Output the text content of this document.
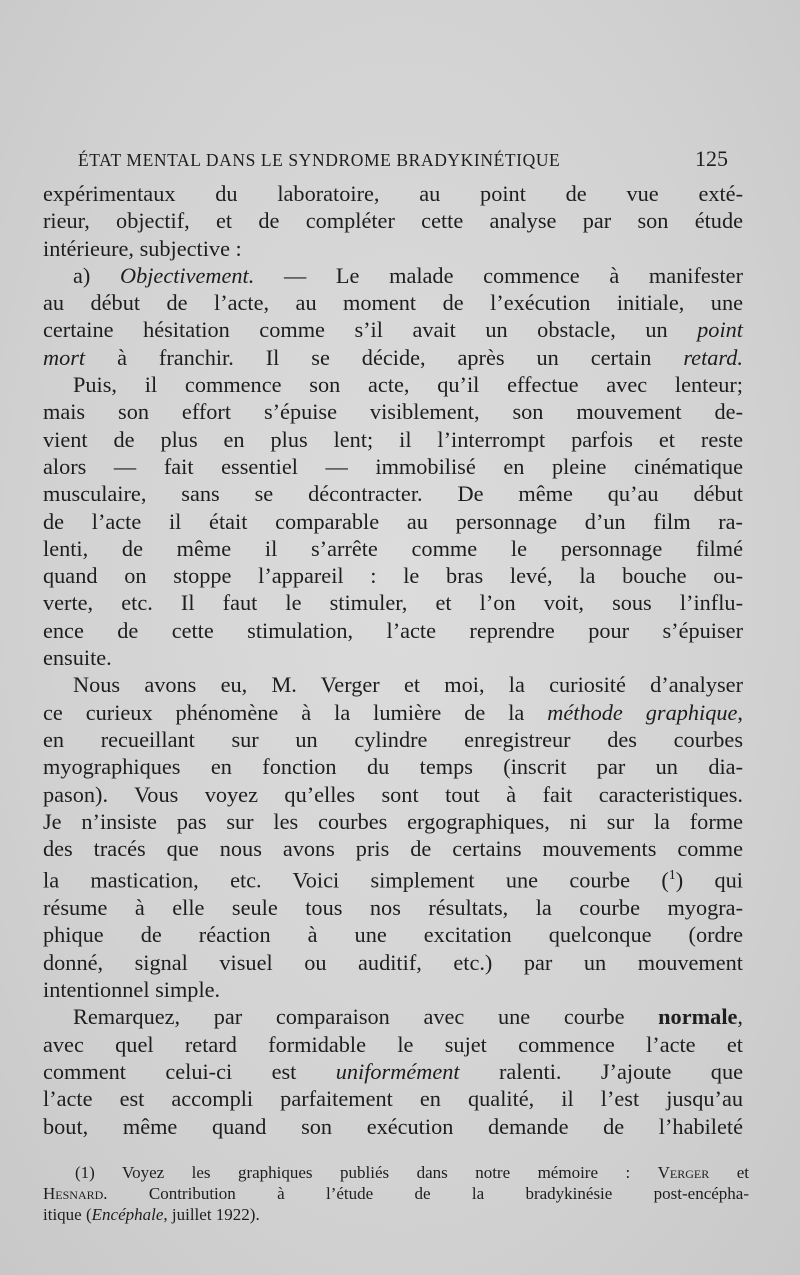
ÉTAT MENTAL DANS LE SYNDROME BRADYKINÉTIQUE	125
expérimentaux du laboratoire, au point de vue exté-
rieur, objectif, et de compléter cette analyse par son étude
intérieure, subjective :
a) Objectivement. — Le malade commence à manifester
au début de l’acte, au moment de l’exécution initiale, une
certaine hésitation comme s’il avait un obstacle, un point
mort à franchir. Il se décide, après un certain retard.
Puis, il commence son acte, qu’il effectue avec lenteur;
mais son effort s’épuise visiblement, son mouvement de-
vient de plus en plus lent; il l’interrompt parfois et reste
alors — fait essentiel — immobilisé en pleine cinématique
musculaire, sans se décontracter. De même qu’au début
de l’acte il était comparable au personnage d’un film ra-
lenti, de même il s’arrête comme le personnage filmé
quand on stoppe l’appareil : le bras levé, la bouche ou-
verte, etc. Il faut le stimuler, et l’on voit, sous l’influ-
ence de cette stimulation, l’acte reprendre pour s’épuiser
ensuite.
Nous avons eu, M. Verger et moi, la curiosité d’analyser
ce curieux phénomène à la lumière de la méthode graphique,
en recueillant sur un cylindre enregistreur des courbes
myographiques en fonction du temps (inscrit par un dia-
pason). Vous voyez qu’elles sont tout à fait caracteristiques.
Je n’insiste pas sur les courbes ergographiques, ni sur la forme
des tracés que nous avons pris de certains mouvements comme
la mastication, etc. Voici simplement une courbe ($^1$) qui
résume à elle seule tous nos résultats, la courbe myogra-
phique de réaction à une excitation quelconque (ordre
donné, signal visuel ou auditif, etc.) par un mouvement
intentionnel simple.
Remarquez, par comparaison avec une courbe normale,
avec quel retard formidable le sujet commence l’acte et
comment celui-ci est uniformément ralenti. J’ajoute que
l’acte est accompli parfaitement en qualité, il l’est jusqu’au
bout, même quand son exécution demande de l’habileté
(1) Voyez les graphiques publiés dans notre mémoire : Verger et
Hesnard. Contribution à l’étude de la bradykinésie post-encépha-
itique (Encéphale, juillet 1922).
